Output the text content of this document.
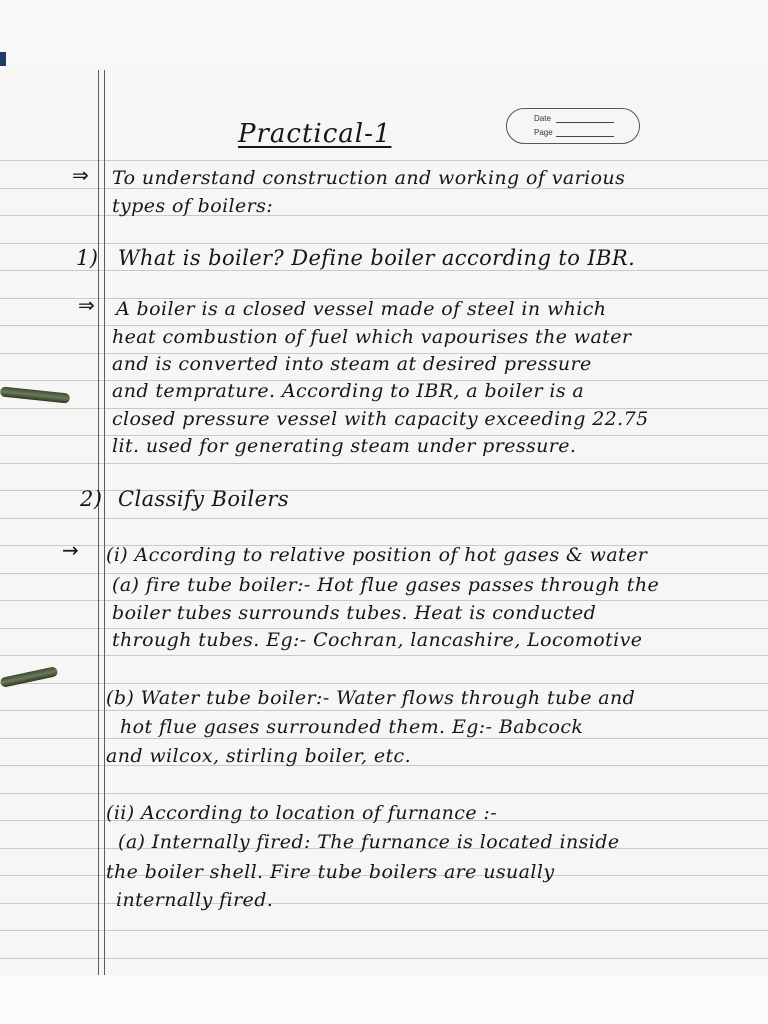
Date
Page
Practical-1
⇒ To understand construction and working of various
types of boilers:
1) What is boiler? Define boiler according to IBR.
⇒ A boiler is a closed vessel made of steel in which
heat combustion of fuel which vapourises the water
and is converted into steam at desired pressure
and temprature. According to IBR, a boiler is a
closed pressure vessel with capacity exceeding 22.75
lit. used for generating steam under pressure.
2) Classify Boilers
→ (i) According to relative position of hot gases & water
(a) fire tube boiler:- Hot flue gases passes through the
boiler tubes surrounds tubes. Heat is conducted
through tubes. Eg:- Cochran, lancashire, Locomotive
(b) Water tube boiler:- Water flows through tube and
hot flue gases surrounded them. Eg:- Babcock
and wilcox, stirling boiler, etc.
(ii) According to location of furnance :-
(a) Internally fired: The furnance is located inside
the boiler shell. Fire tube boilers are usually
internally fired.
